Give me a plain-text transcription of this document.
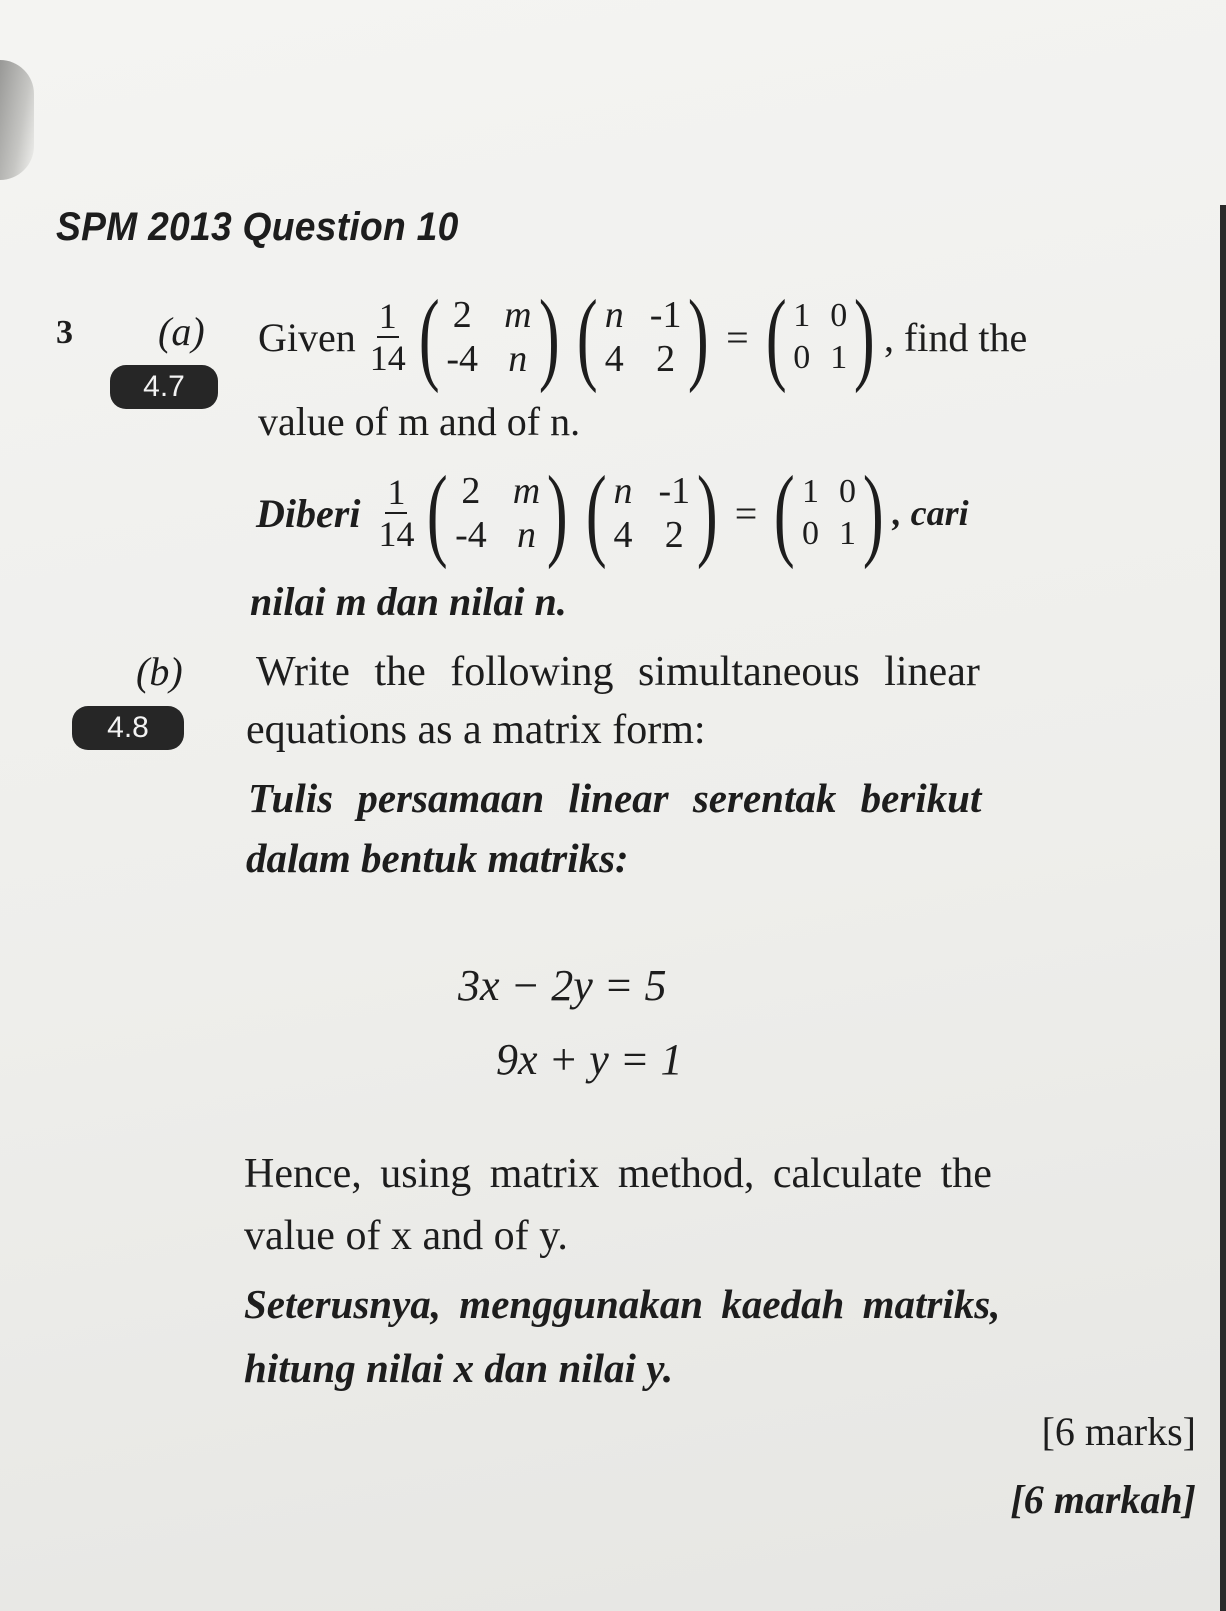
SPM 2013 Question 10
3 (a)
4.7
Given $\frac{1}{14}$ ( 2 m
-4 n ) ( n -1
4 2 ) = ( 1 0
0 1 ) , find the
value of m and of n.
Diberi $\frac{1}{14}$ ( 2 m
-4 n ) ( n -1
4 2 ) = ( 1 0
0 1 ) , cari
nilai m dan nilai n.
(b)
4.8
Write the following simultaneous linear
equations as a matrix form:
Tulis persamaan linear serentak berikut
dalam bentuk matriks:
3x − 2y = 5
9x + y = 1
Hence, using matrix method, calculate the
value of x and of y.
Seterusnya, menggunakan kaedah matriks,
hitung nilai x dan nilai y.
[6 marks]
[6 markah]
